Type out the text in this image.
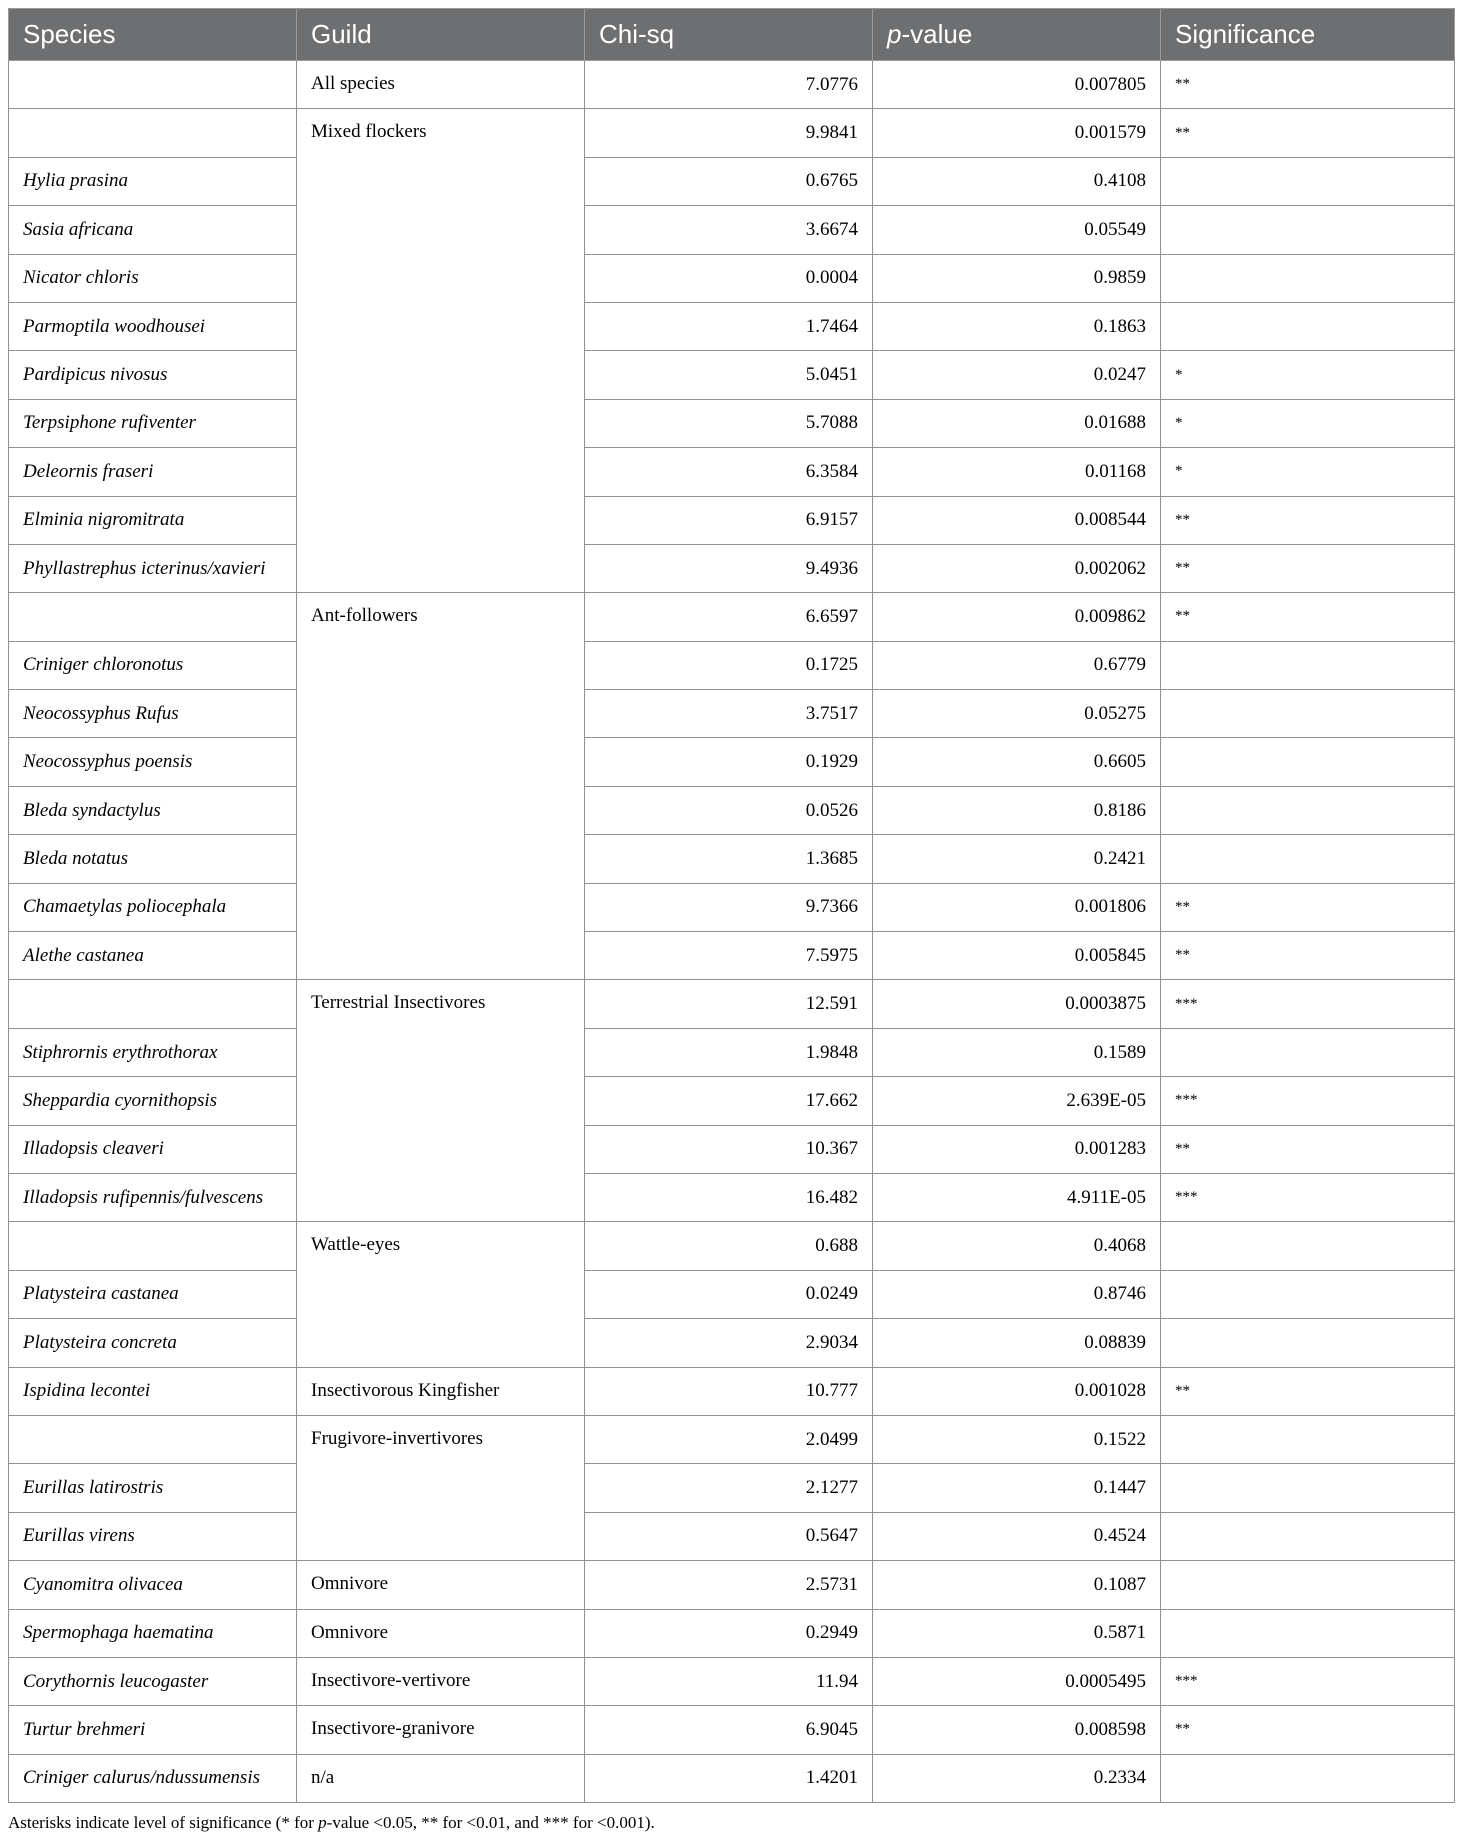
Species	Guild	Chi-sq	p-value	Significance
	All species	7.0776	0.007805	**
	Mixed flockers	9.9841	0.001579	**
Hylia prasina		0.6765	0.4108	
Sasia africana		3.6674	0.05549	
Nicator chloris		0.0004	0.9859	
Parmoptila woodhousei		1.7464	0.1863	
Pardipicus nivosus		5.0451	0.0247	*
Terpsiphone rufiventer		5.7088	0.01688	*
Deleornis fraseri		6.3584	0.01168	*
Elminia nigromitrata		6.9157	0.008544	**
Phyllastrephus icterinus/xavieri		9.4936	0.002062	**
	Ant-followers	6.6597	0.009862	**
Criniger chloronotus		0.1725	0.6779	
Neocossyphus Rufus		3.7517	0.05275	
Neocossyphus poensis		0.1929	0.6605	
Bleda syndactylus		0.0526	0.8186	
Bleda notatus		1.3685	0.2421	
Chamaetylas poliocephala		9.7366	0.001806	**
Alethe castanea		7.5975	0.005845	**
	Terrestrial Insectivores	12.591	0.0003875	***
Stiphrornis erythrothorax		1.9848	0.1589	
Sheppardia cyornithopsis		17.662	2.639E-05	***
Illadopsis cleaveri		10.367	0.001283	**
Illadopsis rufipennis/fulvescens		16.482	4.911E-05	***
	Wattle-eyes	0.688	0.4068	
Platysteira castanea		0.0249	0.8746	
Platysteira concreta		2.9034	0.08839	
Ispidina lecontei	Insectivorous Kingfisher	10.777	0.001028	**
	Frugivore-invertivores	2.0499	0.1522	
Eurillas latirostris		2.1277	0.1447	
Eurillas virens		0.5647	0.4524	
Cyanomitra olivacea	Omnivore	2.5731	0.1087	
Spermophaga haematina	Omnivore	0.2949	0.5871	
Corythornis leucogaster	Insectivore-vertivore	11.94	0.0005495	***
Turtur brehmeri	Insectivore-granivore	6.9045	0.008598	**
Criniger calurus/ndussumensis	n/a	1.4201	0.2334	
Asterisks indicate level of significance (* for p-value <0.05, ** for <0.01, and *** for <0.001).
